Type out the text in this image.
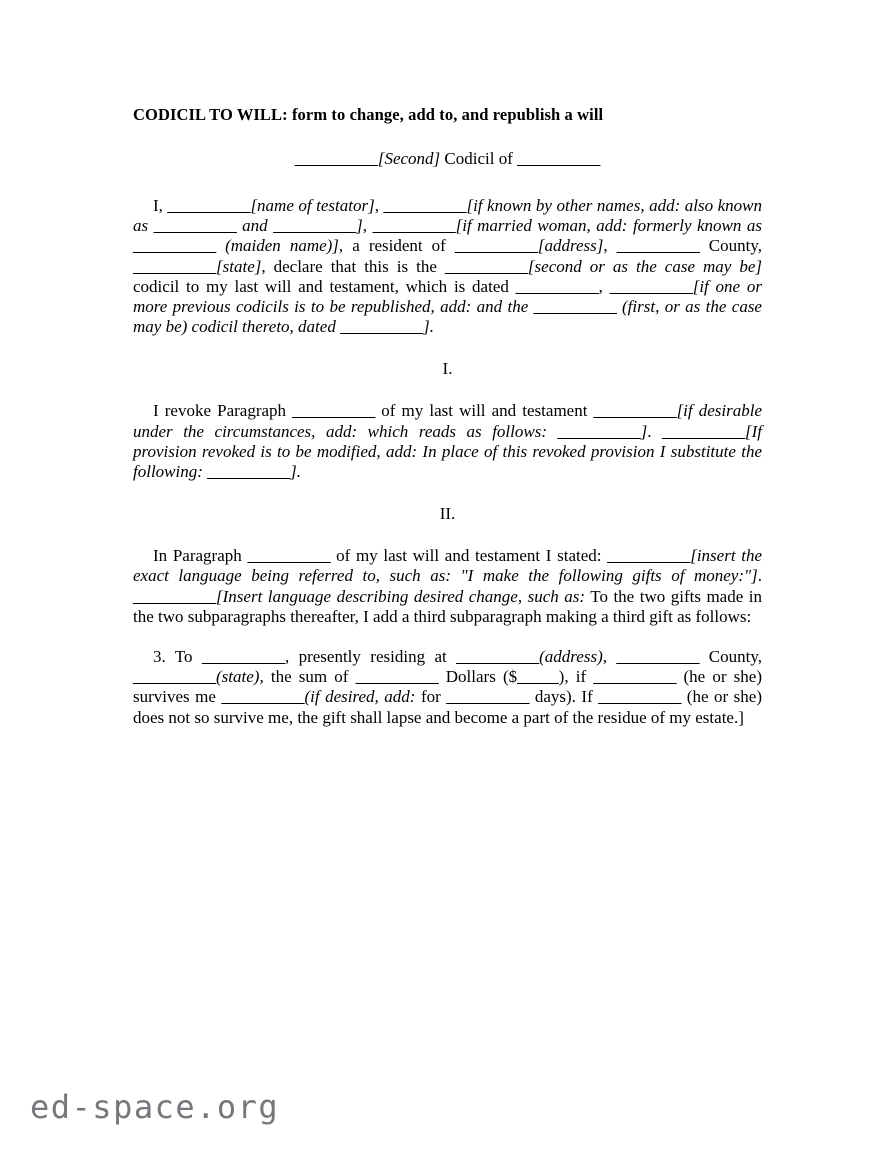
CODICIL TO WILL: form to change, add to, and republish a will

__________[Second] Codicil of __________

I, __________[name of testator], __________[if known by other names, add: also known as __________ and __________], __________[if married woman, add: formerly known as __________ (maiden name)], a resident of __________[address], __________ County, __________[state], declare that this is the __________[second or as the case may be] codicil to my last will and testament, which is dated __________, __________[if one or more previous codicils is to be republished, add: and the __________ (first, or as the case may be) codicil thereto, dated __________].

I.

I revoke Paragraph __________ of my last will and testament __________[if desirable under the circumstances, add: which reads as follows: __________]. __________[If provision revoked is to be modified, add: In place of this revoked provision I substitute the following: __________].

II.

In Paragraph __________ of my last will and testament I stated: __________[insert the exact language being referred to, such as: "I make the following gifts of money:"]. __________[Insert language describing desired change, such as: To the two gifts made in the two subparagraphs thereafter, I add a third subparagraph making a third gift as follows:

3. To __________, presently residing at __________(address), __________ County, __________(state), the sum of __________ Dollars ($_____), if __________ (he or she) survives me __________(if desired, add: for __________ days). If __________ (he or she) does not so survive me, the gift shall lapse and become a part of the residue of my estate.]

ed-space.org
